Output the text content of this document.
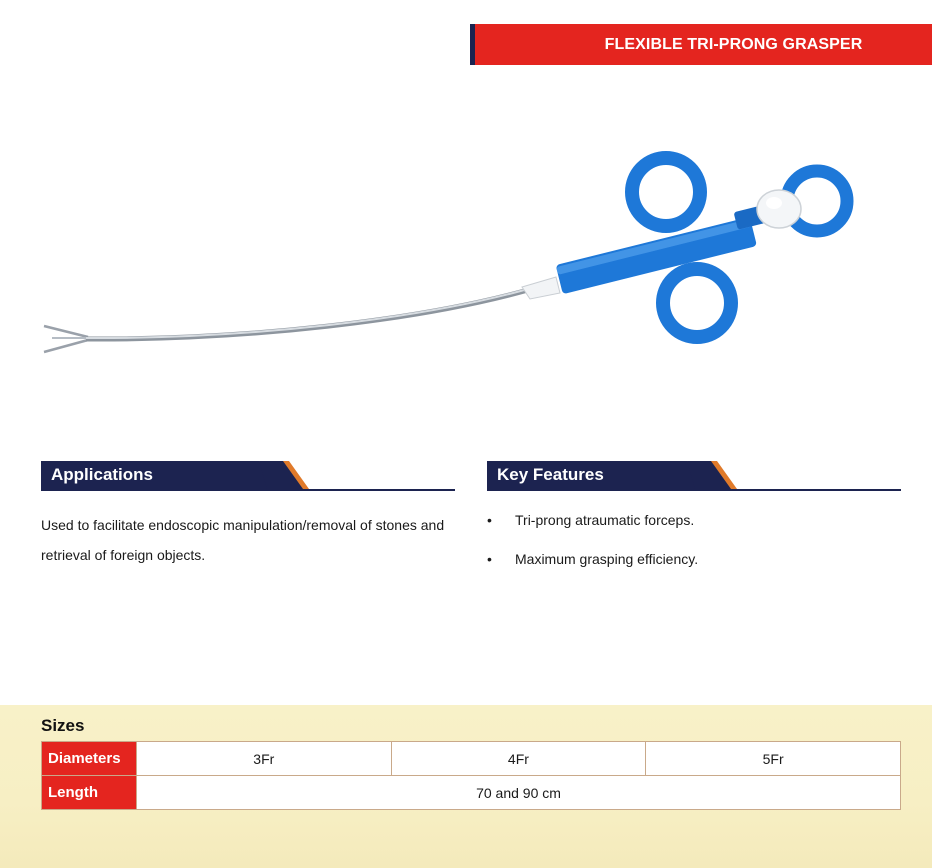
FLEXIBLE TRI-PRONG GRASPER
Applications	Key Features
Used to facilitate endoscopic manipulation/removal of stones and retrieval of foreign objects.
• Tri-prong atraumatic forceps.
• Maximum grasping efficiency.
Sizes
Diameters	3Fr	4Fr	5Fr
Length	70 and 90 cm		
